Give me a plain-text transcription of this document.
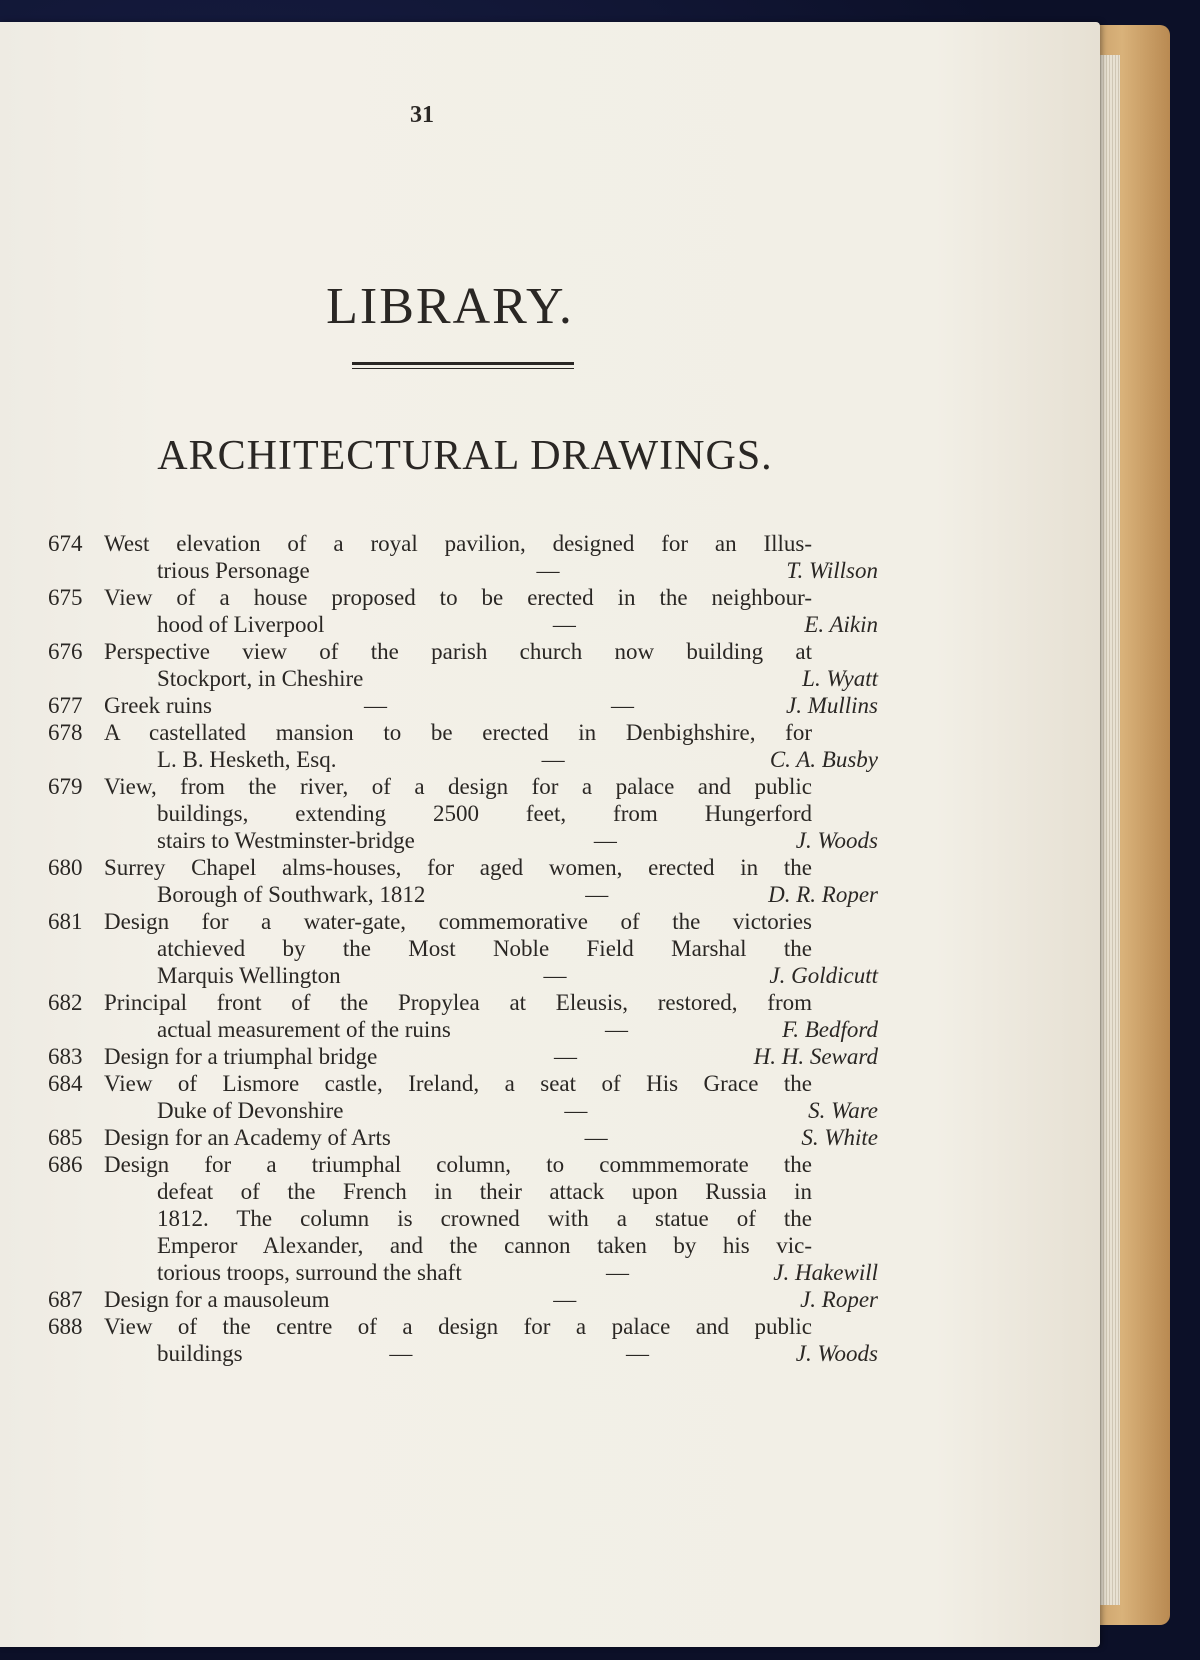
31
LIBRARY.
ARCHITECTURAL DRAWINGS.
674 West elevation of a royal pavilion, designed for an Illus-
trious Personage	—	T. Willson
675 View of a house proposed to be erected in the neighbour-
hood of Liverpool	—	E. Aikin
676 Perspective view of the parish church now building at
Stockport, in Cheshire	L. Wyatt
677 Greek ruins	—	—	J. Mullins
678 A castellated mansion to be erected in Denbighshire, for
L. B. Hesketh, Esq.	—	C. A. Busby
679 View, from the river, of a design for a palace and public
buildings, extending 2500 feet, from Hungerford
stairs to Westminster-bridge	—	J. Woods
680 Surrey Chapel alms-houses, for aged women, erected in the
Borough of Southwark, 1812	—	D. R. Roper
681 Design for a water-gate, commemorative of the victories
atchieved by the Most Noble Field Marshal the
Marquis Wellington	—	J. Goldicutt
682 Principal front of the Propylea at Eleusis, restored, from
actual measurement of the ruins	—	F. Bedford
683 Design for a triumphal bridge	—	H. H. Seward
684 View of Lismore castle, Ireland, a seat of His Grace the
Duke of Devonshire	—	S. Ware
685 Design for an Academy of Arts	—	S. White
686 Design for a triumphal column, to commmemorate the
defeat of the French in their attack upon Russia in
1812. The column is crowned with a statue of the
Emperor Alexander, and the cannon taken by his vic-
torious troops, surround the shaft	—	J. Hakewill
687 Design for a mausoleum	—	J. Roper
688 View of the centre of a design for a palace and public
buildings	—	—	J. Woods
